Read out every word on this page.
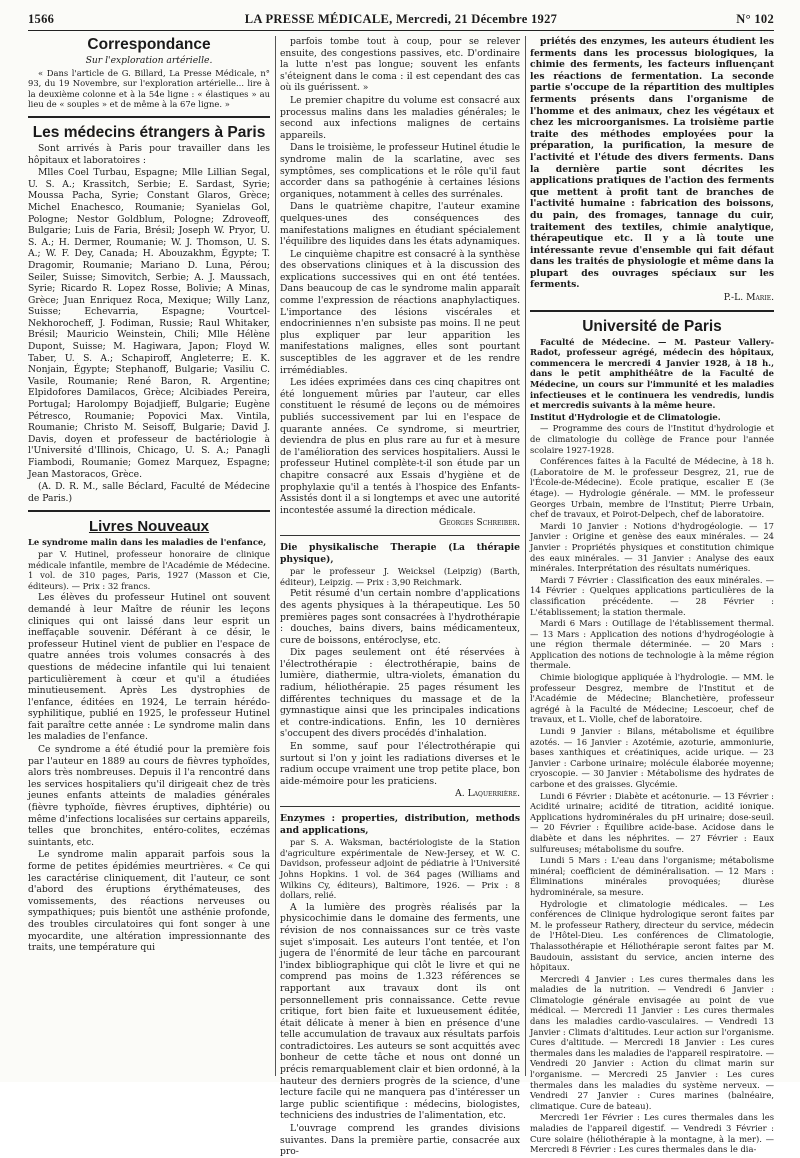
1566	LA PRESSE MÉDICALE, Mercredi, 21 Décembre 1927	N° 102

Correspondance

Sur l'exploration artérielle.

« Dans l'article de G. Billard, La Presse Médicale, n° 93, du 19 Novembre, sur l'exploration artérielle... lire à la deuxième colonne et à la 54e ligne : « élastiques » au lieu de « souples » et de même à la 67e ligne. »

Les médecins étrangers à Paris

Sont arrivés à Paris pour travailler dans les hôpitaux et laboratoires :

Mlles Coel Turbau, Espagne; Mlle Lillian Segal, U. S. A.; Krassitch, Serbie; E. Sardast, Syrie; Moussa Pacha, Syrie; Constant Glaros, Grèce; Michel Enachesco, Roumanie; Syanielas Gol, Pologne; Nestor Goldblum, Pologne; Zdroveoff, Bulgarie; Luis de Faria, Brésil; Joseph W. Pryor, U. S. A.; H. Dermer, Roumanie; W. J. Thomson, U. S. A.; W. F. Dey, Canada; H. Abouzakhm, Égypte; T. Dragomir, Roumanie; Mariano D. Luna, Pérou; Seiler, Suisse; Simovitch, Serbie; A. J. Maussach, Syrie; Ricardo R. Lopez Rosse, Bolivie; A Minas, Grèce; Juan Enriquez Roca, Mexique; Willy Lanz, Suisse; Echevarria, Espagne; Vourtcel-Nekhorocheff, J. Fodiman, Russie; Raul Whitaker, Brésil; Mauricio Weinstein, Chili; Mlle Hélène Dupont, Suisse; M. Hagiwara, Japon; Floyd W. Taber, U. S. A.; Schapiroff, Angleterre; E. K. Nonjain, Égypte; Stephanoff, Bulgarie; Vasiliu C. Vasile, Roumanie; René Baron, R. Argentine; Elpidofores Damilacos, Grèce; Alcibiades Pereira, Portugal; Harolompy Bojadjieff, Bulgarie; Eugène Pétresco, Roumanie; Popovici Max. Vintila, Roumanie; Christo M. Seisoff, Bulgarie; David J. Davis, doyen et professeur de bactériologie à l'Université d'Illinois, Chicago, U. S. A.; Panagli Fiambodi, Roumanie; Gomez Marquez, Espagne; Jean Mastoracos, Grèce.

(A. D. R. M., salle Béclard, Faculté de Médecine de Paris.)

Livres Nouveaux

Le syndrome malin dans les maladies de l'enfance,

par V. Hutinel, professeur honoraire de clinique médicale infantile, membre de l'Académie de Médecine. 1 vol. de 310 pages, Paris, 1927 (Masson et Cie, éditeurs). — Prix : 32 francs.

Les élèves du professeur Hutinel ont souvent demandé à leur Maître de réunir les leçons cliniques qui ont laissé dans leur esprit un ineffaçable souvenir. Déférant à ce désir, le professeur Hutinel vient de publier en l'espace de quatre années trois volumes consacrés à des questions de médecine infantile qui lui tenaient particulièrement à cœur et qu'il a étudiées minutieusement. Après Les dystrophies de l'enfance, éditées en 1924, Le terrain hérédo-syphilitique, publié en 1925, le professeur Hutinel fait paraître cette année : Le syndrome malin dans les maladies de l'enfance.

Ce syndrome a été étudié pour la première fois par l'auteur en 1889 au cours de fièvres typhoïdes, alors très nombreuses. Depuis il l'a rencontré dans les services hospitaliers qu'il dirigeait chez de très jeunes enfants atteints de maladies générales (fièvre typhoïde, fièvres éruptives, diphtérie) ou même d'infections localisées sur certains appareils, telles que bronchites, entéro-colites, eczémas suintants, etc.

Le syndrome malin apparait parfois sous la forme de petites épidémies meurtrières. « Ce qui les caractérise cliniquement, dit l'auteur, ce sont d'abord des éruptions érythémateuses, des vomissements, des réactions nerveuses ou sympathiques; puis bientôt une asthénie profonde, des troubles circulatoires qui font songer à une myocardite, une altération impressionnante des traits, une température qui

parfois tombe tout à coup, pour se relever ensuite, des congestions passives, etc. D'ordinaire la lutte n'est pas longue; souvent les enfants s'éteignent dans le coma : il est cependant des cas où ils guérissent. »

Le premier chapitre du volume est consacré aux processus malins dans les maladies générales; le second aux infections malignes de certains appareils.

Dans le troisième, le professeur Hutinel étudie le syndrome malin de la scarlatine, avec ses symptômes, ses complications et le rôle qu'il faut accorder dans sa pathogénie à certaines lésions organiques, notamment à celles des surrénales.

Dans le quatrième chapitre, l'auteur examine quelques-unes des conséquences des manifestations malignes en étudiant spécialement l'équilibre des liquides dans les états adynamiques.

Le cinquième chapitre est consacré à la synthèse des observations cliniques et à la discussion des explications successives qui en ont été tentées. Dans beaucoup de cas le syndrome malin apparaît comme l'expression de réactions anaphylactiques. L'importance des lésions viscérales et endocriniennes n'en subsiste pas moins. Il ne peut plus expliquer par leur apparition les manifestations malignes, elles sont pourtant susceptibles de les aggraver et de les rendre irrémédiables.

Les idées exprimées dans ces cinq chapitres ont été longuement mûries par l'auteur, car elles constituent le résumé de leçons ou de mémoires publiés successivement par lui en l'espace de quarante années. Ce syndrome, si meurtrier, deviendra de plus en plus rare au fur et à mesure de l'amélioration des services hospitaliers. Aussi le professeur Hutinel complète-t-il son étude par un chapitre consacré aux Essais d'hygiène et de prophylaxie qu'il a tentés à l'hospice des Enfants-Assistés dont il a si longtemps et avec une autorité incontestée assumé la direction médicale.

Georges Schreiber.

Die physikalische Therapie (La thérapie physique),

par le professeur J. Weicksel (Leipzig) (Barth, éditeur), Leipzig. — Prix : 3,90 Reichmark.

Petit résumé d'un certain nombre d'applications des agents physiques à la thérapeutique. Les 50 premières pages sont consacrées à l'hydrothérapie : douches, bains divers, bains médicamenteux, cure de boissons, entéroclyse, etc.

Dix pages seulement ont été réservées à l'électrothérapie : électrothérapie, bains de lumière, diathermie, ultra-violets, émanation du radium, héliothérapie. 25 pages résument les différentes techniques du massage et de la gymnastique ainsi que les principales indications et contre-indications. Enfin, les 10 dernières s'occupent des divers procédés d'inhalation.

En somme, sauf pour l'électrothérapie qui surtout si l'on y joint les radiations diverses et le radium occupe vraiment une trop petite place, bon aide-mémoire pour les praticiens.

A. Laquerrière.

Enzymes : properties, distribution, methods and applications,

par S. A. Waksman, bactériologiste de la Station d'agriculture expérimentale de New-Jersey, et W. C. Davidson, professeur adjoint de pédiatrie à l'Université Johns Hopkins. 1 vol. de 364 pages (Williams and Wilkins Cy, éditeurs), Baltimore, 1926. — Prix : 8 dollars, relié.

A la lumière des progrès réalisés par la physicochimie dans le domaine des ferments, une révision de nos connaissances sur ce très vaste sujet s'imposait. Les auteurs l'ont tentée, et l'on jugera de l'énormité de leur tâche en parcourant l'index bibliographique qui clôt le livre et qui ne comprend pas moins de 1.323 références se rapportant aux travaux dont ils ont personnellement pris connaissance. Cette revue critique, fort bien faite et luxueusement éditée, était délicate à mener à bien en présence d'une telle accumulation de travaux aux résultats parfois contradictoires. Les auteurs se sont acquittés avec bonheur de cette tâche et nous ont donné un précis remarquablement clair et bien ordonné, à la hauteur des derniers progrès de la science, d'une lecture facile qui ne manquera pas d'intéresser un large public scientifique : médecins, biologistes, techniciens des industries de l'alimentation, etc.

L'ouvrage comprend les grandes divisions suivantes. Dans la première partie, consacrée aux pro-

priétés des enzymes, les auteurs étudient les ferments dans les processus biologiques, la chimie des ferments, les facteurs influençant les réactions de fermentation. La seconde partie s'occupe de la répartition des multiples ferments présents dans l'organisme de l'homme et des animaux, chez les végétaux et chez les microorganismes. La troisième partie traite des méthodes employées pour la préparation, la purification, la mesure de l'activité et l'étude des divers ferments. Dans la dernière partie sont décrites les applications pratiques de l'action des ferments que mettent à profit tant de branches de l'activité humaine : fabrication des boissons, du pain, des fromages, tannage du cuir, traitement des textiles, chimie analytique, thérapeutique etc. Il y a là toute une intéressante revue d'ensemble qui fait défaut dans les traités de physiologie et même dans la plupart des ouvrages spéciaux sur les ferments.

P.-L. Marie.

Université de Paris

Faculté de Médecine. — M. Pasteur Vallery-Radot, professeur agrégé, médecin des hôpitaux, commencera le mercredi 4 Janvier 1928, à 18 h., dans le petit amphithéâtre de la Faculté de Médecine, un cours sur l'immunité et les maladies infectieuses et le continuera les vendredis, lundis et mercredis suivants à la même heure.

Institut d'Hydrologie et de Climatologie.

— Programme des cours de l'Institut d'hydrologie et de climatologie du collège de France pour l'année scolaire 1927-1928.

Conférences faites à la Faculté de Médecine, à 18 h. (Laboratoire de M. le professeur Desgrez, 21, rue de l'École-de-Médecine). École pratique, escalier E (3e étage). — Hydrologie générale. — MM. le professeur Georges Urbain, membre de l'Institut; Pierre Urbain, chef de travaux, et Poirot-Delpech, chef de laboratoire.

Mardi 10 Janvier : Notions d'hydrogéologie. — 17 Janvier : Origine et genèse des eaux minérales. — 24 Janvier : Propriétés physiques et constitution chimique des eaux minérales. — 31 Janvier : Analyse des eaux minérales. Interprétation des résultats numériques.

Mardi 7 Février : Classification des eaux minérales. — 14 Février : Quelques applications particulières de la classification précédente. — 28 Février : L'établissement; la station thermale.

Mardi 6 Mars : Outillage de l'établissement thermal. — 13 Mars : Application des notions d'hydrogéologie à une région thermale déterminée. — 20 Mars : Application des notions de technologie à la même région thermale.

Chimie biologique appliquée à l'hydrologie. — MM. le professeur Desgrez, membre de l'Institut et de l'Académie de Médecine; Blanchetière, professeur agrégé à la Faculté de Médecine; Lescoeur, chef de travaux, et L. Violle, chef de laboratoire.

Lundi 9 Janvier : Bilans, métabolisme et équilibre azotés. — 16 Janvier : Azotémie, azoturie, ammoniurie, bases xanthiques et créatiniques, acide urique. — 23 Janvier : Carbone urinaire; molécule élaborée moyenne; cryoscopie. — 30 Janvier : Métabolisme des hydrates de carbone et des graisses. Glycémie.

Lundi 6 Février : Diabète et acétonurie. — 13 Février : Acidité urinaire; acidité de titration, acidité ionique. Applications hydrominérales du pH urinaire; dose-seuil. — 20 Février : Équilibre acide-base. Acidose dans le diabète et dans les néphrites. — 27 Février : Eaux sulfureuses; métabolisme du soufre.

Lundi 5 Mars : L'eau dans l'organisme; métabolisme minéral; coefficient de déminéralisation. — 12 Mars : Éliminations minérales provoquées; diurèse hydrominérale, sa mesure.

Hydrologie et climatologie médicales. — Les conférences de Clinique hydrologique seront faites par M. le professeur Rathery, directeur du service, médecin de l'Hôtel-Dieu. Les conférences de Climatologie, Thalassothérapie et Héliothérapie seront faites par M. Baudouin, assistant du service, ancien interne des hôpitaux.

Mercredi 4 Janvier : Les cures thermales dans les maladies de la nutrition. — Vendredi 6 Janvier : Climatologie générale envisagée au point de vue médical. — Mercredi 11 Janvier : Les cures thermales dans les maladies cardio-vasculaires. — Vendredi 13 Janvier : Climats d'altitudes. Leur action sur l'organisme. Cures d'altitude. — Mercredi 18 Janvier : Les cures thermales dans les maladies de l'appareil respiratoire. — Vendredi 20 Janvier : Action du climat marin sur l'organisme. — Mercredi 25 Janvier : Les cures thermales dans les maladies du système nerveux. — Vendredi 27 Janvier : Cures marines (balnéaire, climatique. Cure de bateau).

Mercredi 1er Février : Les cures thermales dans les maladies de l'appareil digestif. — Vendredi 3 Février : Cure solaire (héliothérapie à la montagne, à la mer). — Mercredi 8 Février : Les cures thermales dans le dia-
